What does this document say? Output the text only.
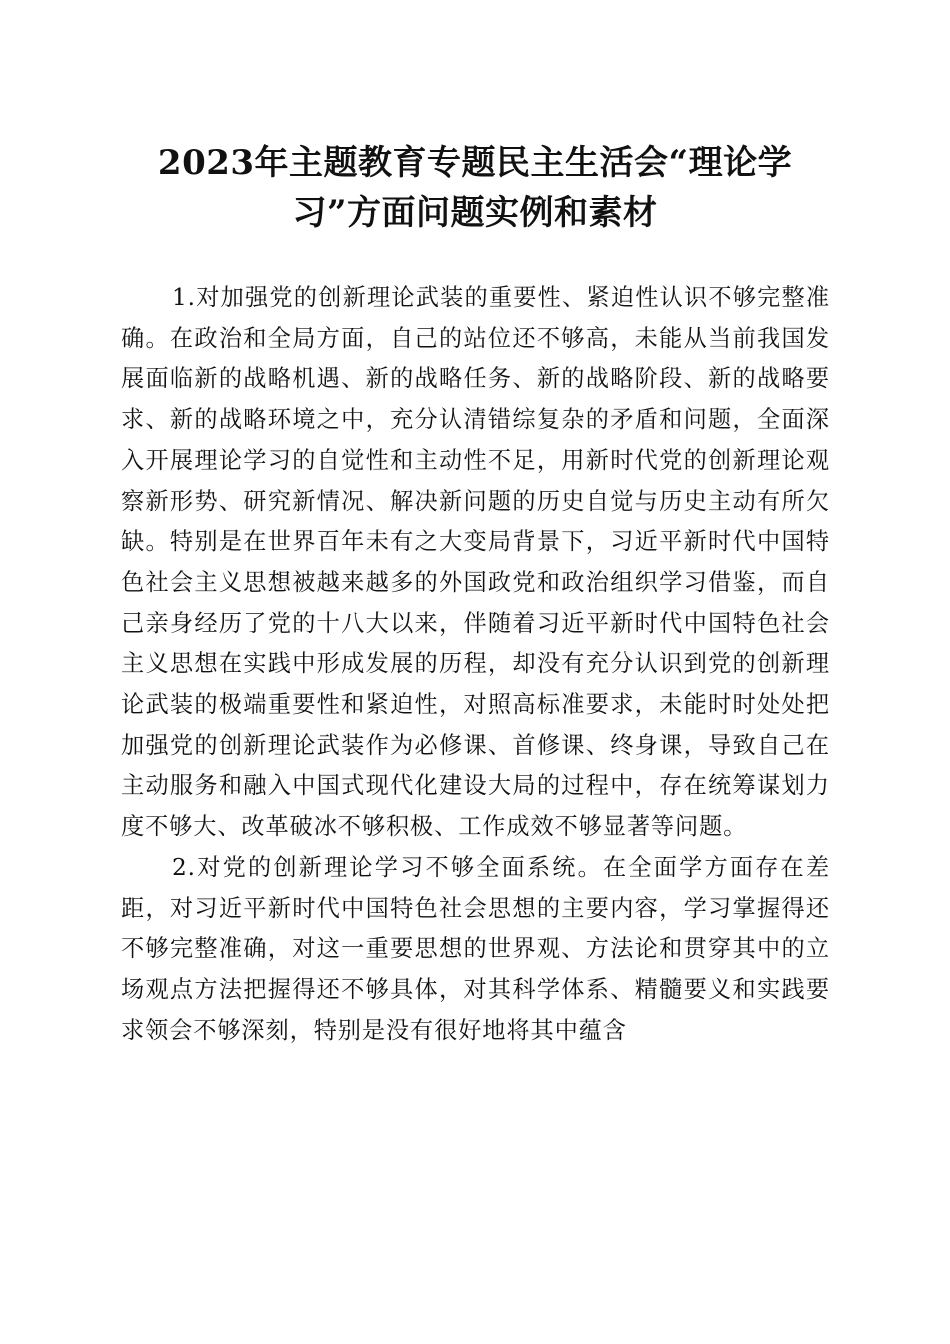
2023年主题教育专题民主生活会“理论学
习”方面问题实例和素材

1.对加强党的创新理论武装的重要性、紧迫性认识不够完整准确。在政治和全局方面，自己的站位还不够高，未能从当前我国发展面临新的战略机遇、新的战略任务、新的战略阶段、新的战略要求、新的战略环境之中，充分认清错综复杂的矛盾和问题，全面深入开展理论学习的自觉性和主动性不足，用新时代党的创新理论观察新形势、研究新情况、解决新问题的历史自觉与历史主动有所欠缺。特别是在世界百年未有之大变局背景下，习近平新时代中国特色社会主义思想被越来越多的外国政党和政治组织学习借鉴，而自己亲身经历了党的十八大以来，伴随着习近平新时代中国特色社会主义思想在实践中形成发展的历程，却没有充分认识到党的创新理论武装的极端重要性和紧迫性，对照高标准要求，未能时时处处把加强党的创新理论武装作为必修课、首修课、终身课，导致自己在主动服务和融入中国式现代化建设大局的过程中，存在统筹谋划力度不够大、改革破冰不够积极、工作成效不够显著等问题。

2.对党的创新理论学习不够全面系统。在全面学方面存在差距，对习近平新时代中国特色社会思想的主要内容，学习掌握得还不够完整准确，对这一重要思想的世界观、方法论和贯穿其中的立场观点方法把握得还不够具体，对其科学体系、精髓要义和实践要求领会不够深刻，特别是没有很好地将其中蕴含
